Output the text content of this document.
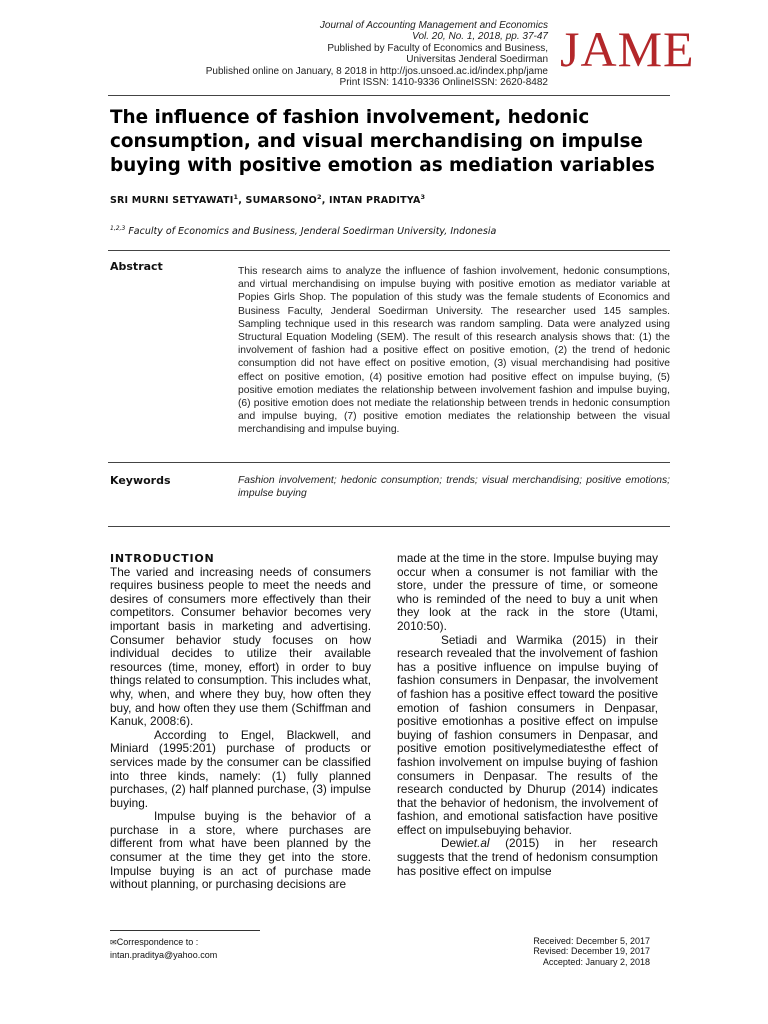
Journal of Accounting Management and Economics
Vol. 20, No. 1, 2018, pp. 37-47
Published by Faculty of Economics and Business,
Universitas Jenderal Soedirman
Published online on January, 8 2018 in http://jos.unsoed.ac.id/index.php/jame
Print ISSN: 1410-9336 OnlineISSN: 2620-8482
JAME
The influence of fashion involvement, hedonic consumption, and visual merchandising on impulse buying with positive emotion as mediation variables
SRI MURNI SETYAWATI$^1$, SUMARSONO$^2$, INTAN PRADITYA$^3$
$^{1,2,3}$ Faculty of Economics and Business, Jenderal Soedirman University, Indonesia
Abstract	This research aims to analyze the influence of fashion involvement, hedonic consumptions, and virtual merchandising on impulse buying with positive emotion as mediator variable at Popies Girls Shop. The population of this study was the female students of Economics and Business Faculty, Jenderal Soedirman University. The researcher used 145 samples. Sampling technique used in this research was random sampling. Data were analyzed using Structural Equation Modeling (SEM). The result of this research analysis shows that: (1) the involvement of fashion had a positive effect on positive emotion, (2) the trend of hedonic consumption did not have effect on positive emotion, (3) visual merchandising had positive effect on positive emotion, (4) positive emotion had positive effect on impulse buying, (5) positive emotion mediates the relationship between involvement fashion and impulse buying, (6) positive emotion does not mediate the relationship between trends in hedonic consumption and impulse buying, (7) positive emotion mediates the relationship between the visual merchandising and impulse buying.

Keywords	Fashion involvement; hedonic consumption; trends; visual merchandising; positive emotions; impulse buying

INTRODUCTION

The varied and increasing needs of consumers requires business people to meet the needs and desires of consumers more effectively than their competitors. Consumer behavior becomes very important basis in marketing and advertising. Consumer behavior study focuses on how individual decides to utilize their available resources (time, money, effort) in order to buy things related to consumption. This includes what, why, when, and where they buy, how often they buy, and how often they use them (Schiffman and Kanuk, 2008:6).

According to Engel, Blackwell, and Miniard (1995:201) purchase of products or services made by the consumer can be classified into three kinds, namely: (1) fully planned purchases, (2) half planned purchase, (3) impulse buying.

Impulse buying is the behavior of a purchase in a store, where purchases are different from what have been planned by the consumer at the time they get into the store. Impulse buying is an act of purchase made without planning, or purchasing decisions are

made at the time in the store. Impulse buying may occur when a consumer is not familiar with the store, under the pressure of time, or someone who is reminded of the need to buy a unit when they look at the rack in the store (Utami, 2010:50).

Setiadi and Warmika (2015) in their research revealed that the involvement of fashion has a positive influence on impulse buying of fashion consumers in Denpasar, the involvement of fashion has a positive effect toward the positive emotion of fashion consumers in Denpasar, positive emotionhas a positive effect on impulse buying of fashion consumers in Denpasar, and positive emotion positivelymediatesthe effect of fashion involvement on impulse buying of fashion consumers in Denpasar. The results of the research conducted by Dhurup (2014) indicates that the behavior of hedonism, the involvement of fashion, and emotional satisfaction have positive effect on impulsebuying behavior.

Dewiet.al (2015) in her research suggests that the trend of hedonism consumption has positive effect on impulse

✉Correspondence to :
intan.praditya@yahoo.com
Received: December 5, 2017
Revised: December 19, 2017
Accepted: January 2, 2018
